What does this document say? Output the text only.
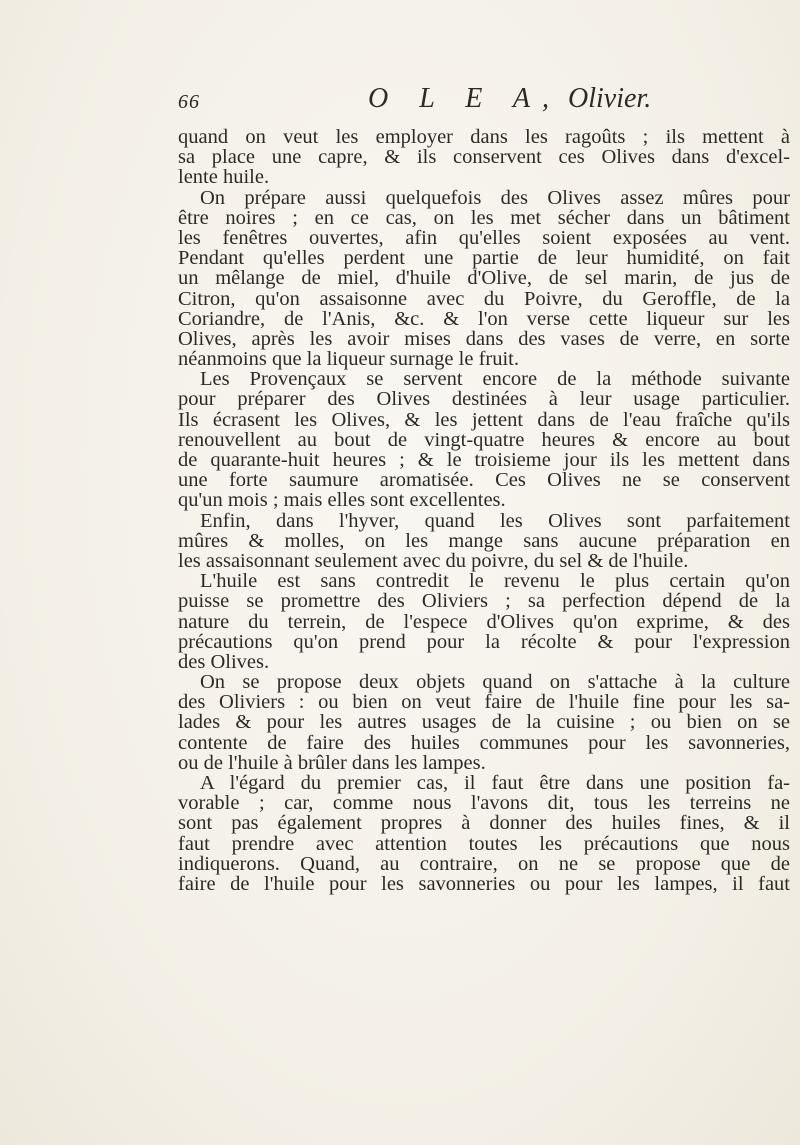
66	O L E A, Olivier.
quand on veut les employer dans les ragoûts ; ils mettent à
sa place une capre, & ils conservent ces Olives dans d'excel-
lente huile.
On prépare aussi quelquefois des Olives assez mûres pour
être noires ; en ce cas, on les met sécher dans un bâtiment
les fenêtres ouvertes, afin qu'elles soient exposées au vent.
Pendant qu'elles perdent une partie de leur humidité, on fait
un mêlange de miel, d'huile d'Olive, de sel marin, de jus de
Citron, qu'on assaisonne avec du Poivre, du Geroffle, de la
Coriandre, de l'Anis, &c. & l'on verse cette liqueur sur les
Olives, après les avoir mises dans des vases de verre, en sorte
néanmoins que la liqueur surnage le fruit.
Les Provençaux se servent encore de la méthode suivante
pour préparer des Olives destinées à leur usage particulier.
Ils écrasent les Olives, & les jettent dans de l'eau fraîche qu'ils
renouvellent au bout de vingt-quatre heures & encore au bout
de quarante-huit heures ; & le troisieme jour ils les mettent dans
une forte saumure aromatisée. Ces Olives ne se conservent
qu'un mois ; mais elles sont excellentes.
Enfin, dans l'hyver, quand les Olives sont parfaitement
mûres & molles, on les mange sans aucune préparation en
les assaisonnant seulement avec du poivre, du sel & de l'huile.
L'huile est sans contredit le revenu le plus certain qu'on
puisse se promettre des Oliviers ; sa perfection dépend de la
nature du terrein, de l'espece d'Olives qu'on exprime, & des
précautions qu'on prend pour la récolte & pour l'expression
des Olives.
On se propose deux objets quand on s'attache à la culture
des Oliviers : ou bien on veut faire de l'huile fine pour les sa-
lades & pour les autres usages de la cuisine ; ou bien on se
contente de faire des huiles communes pour les savonneries,
ou de l'huile à brûler dans les lampes.
A l'égard du premier cas, il faut être dans une position fa-
vorable ; car, comme nous l'avons dit, tous les terreins ne
sont pas également propres à donner des huiles fines, & il
faut prendre avec attention toutes les précautions que nous
indiquerons. Quand, au contraire, on ne se propose que de
faire de l'huile pour les savonneries ou pour les lampes, il faut
